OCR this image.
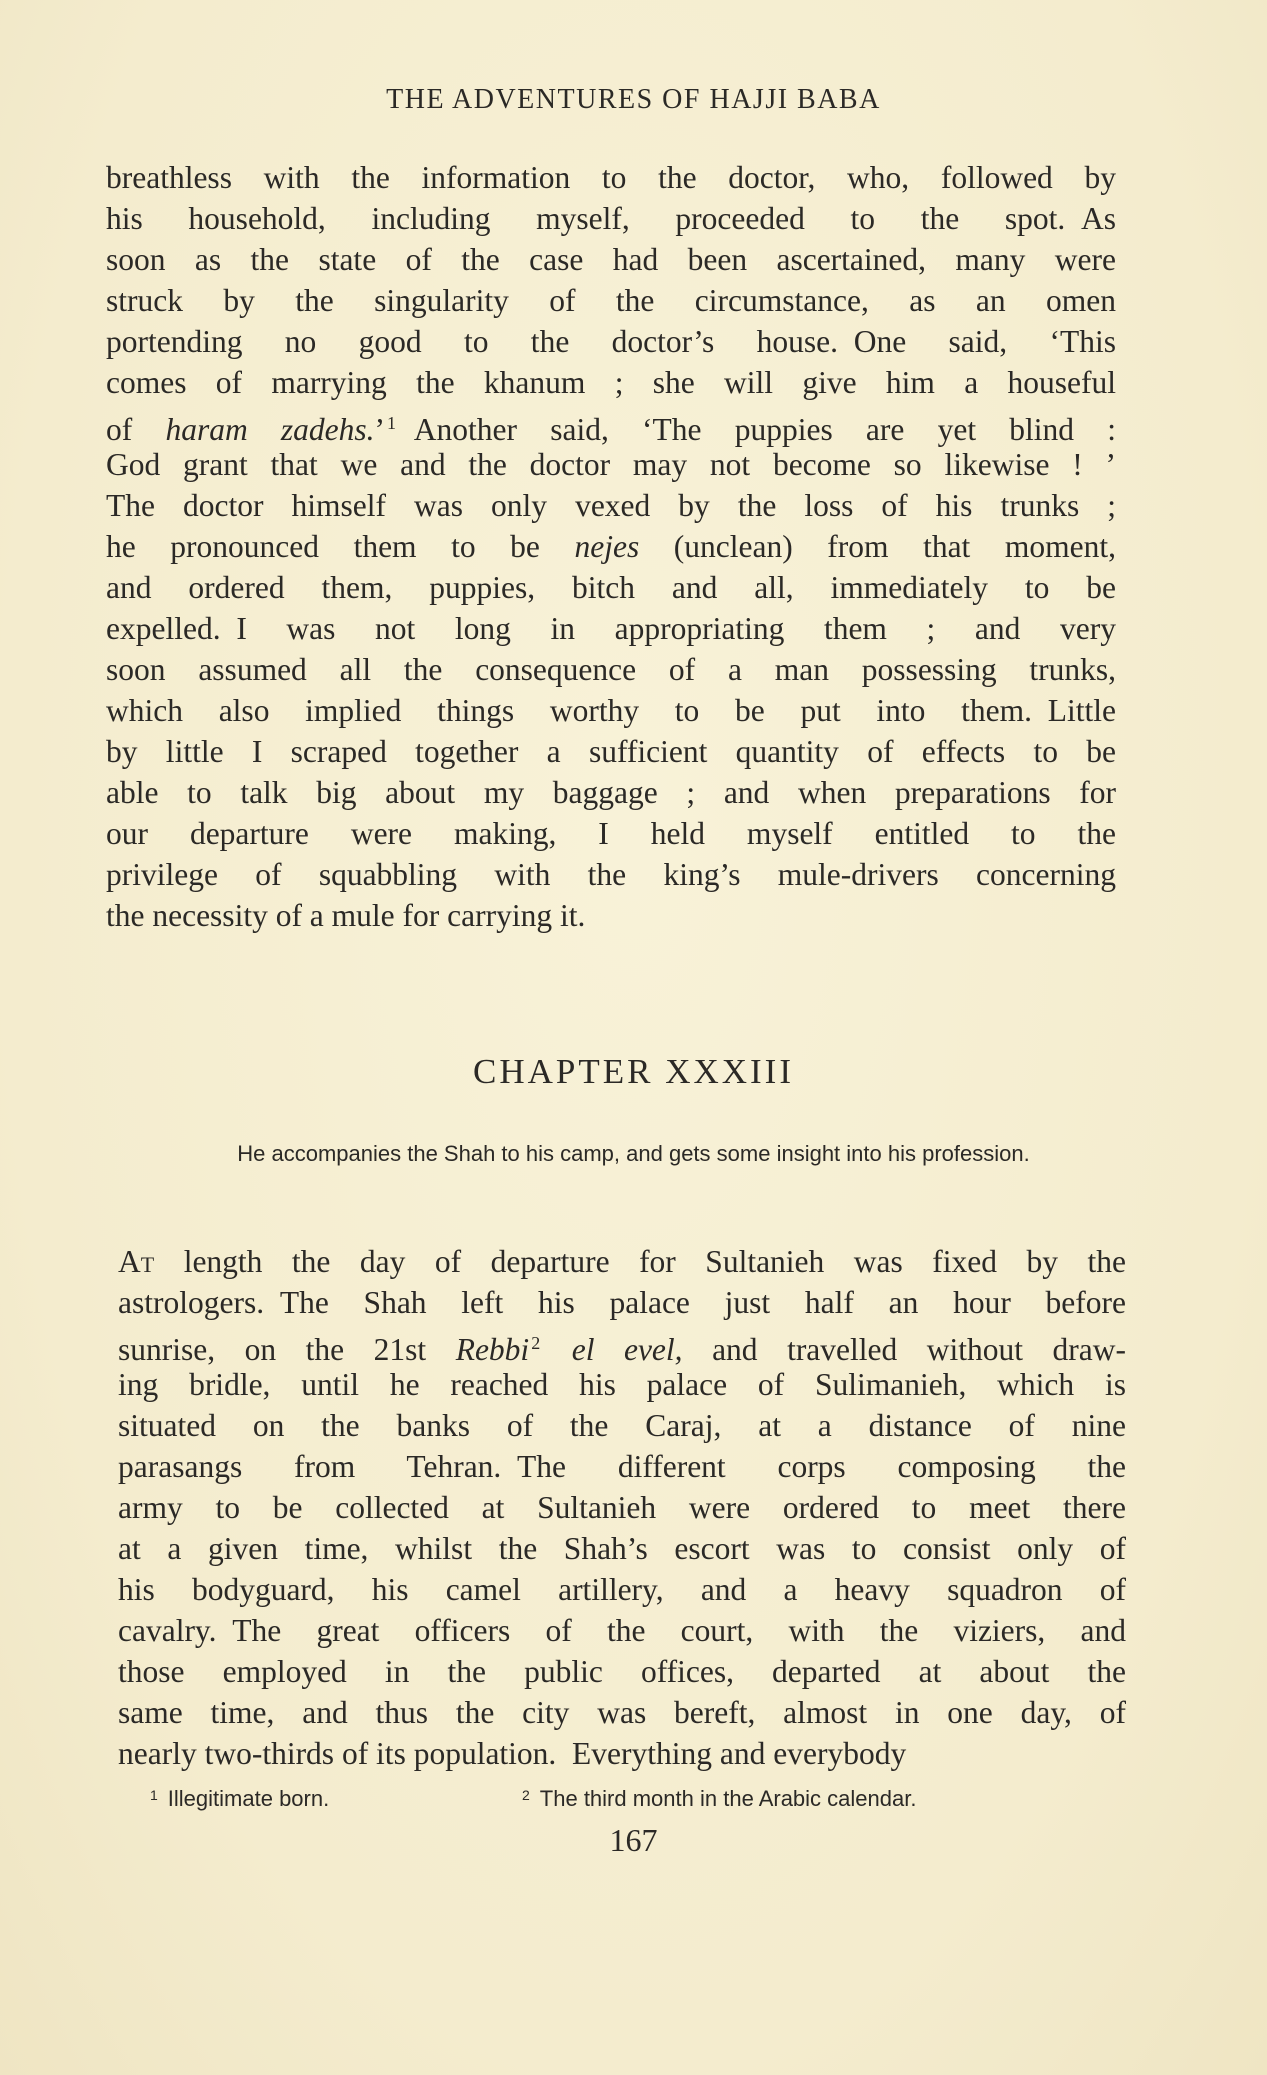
THE ADVENTURES OF HAJJI BABA
breathless with the information to the doctor, who, followed by
his household, including myself, proceeded to the spot. As
soon as the state of the case had been ascertained, many were
struck by the singularity of the circumstance, as an omen
portending no good to the doctor’s house. One said, ‘This
comes of marrying the khanum ; she will give him a houseful
of haram zadehs.’ $^1$ Another said, ‘The puppies are yet blind :
God grant that we and the doctor may not become so likewise ! ’
The doctor himself was only vexed by the loss of his trunks ;
he pronounced them to be nejes (unclean) from that moment,
and ordered them, puppies, bitch and all, immediately to be
expelled. I was not long in appropriating them ; and very
soon assumed all the consequence of a man possessing trunks,
which also implied things worthy to be put into them. Little
by little I scraped together a sufficient quantity of effects to be
able to talk big about my baggage ; and when preparations for
our departure were making, I held myself entitled to the
privilege of squabbling with the king’s mule-drivers concerning
the necessity of a mule for carrying it.
CHAPTER XXXIII
He accompanies the Shah to his camp, and gets some insight into his profession.
At length the day of departure for Sultanieh was fixed by the
astrologers. The Shah left his palace just half an hour before
sunrise, on the 21st Rebbi $^2$ el evel, and travelled without draw-
ing bridle, until he reached his palace of Sulimanieh, which is
situated on the banks of the Caraj, at a distance of nine
parasangs from Tehran. The different corps composing the
army to be collected at Sultanieh were ordered to meet there
at a given time, whilst the Shah’s escort was to consist only of
his bodyguard, his camel artillery, and a heavy squadron of
cavalry. The great officers of the court, with the viziers, and
those employed in the public offices, departed at about the
same time, and thus the city was bereft, almost in one day, of
nearly two-thirds of its population. Everything and everybody
$^1$ Illegitimate born.	$^2$ The third month in the Arabic calendar.
167
